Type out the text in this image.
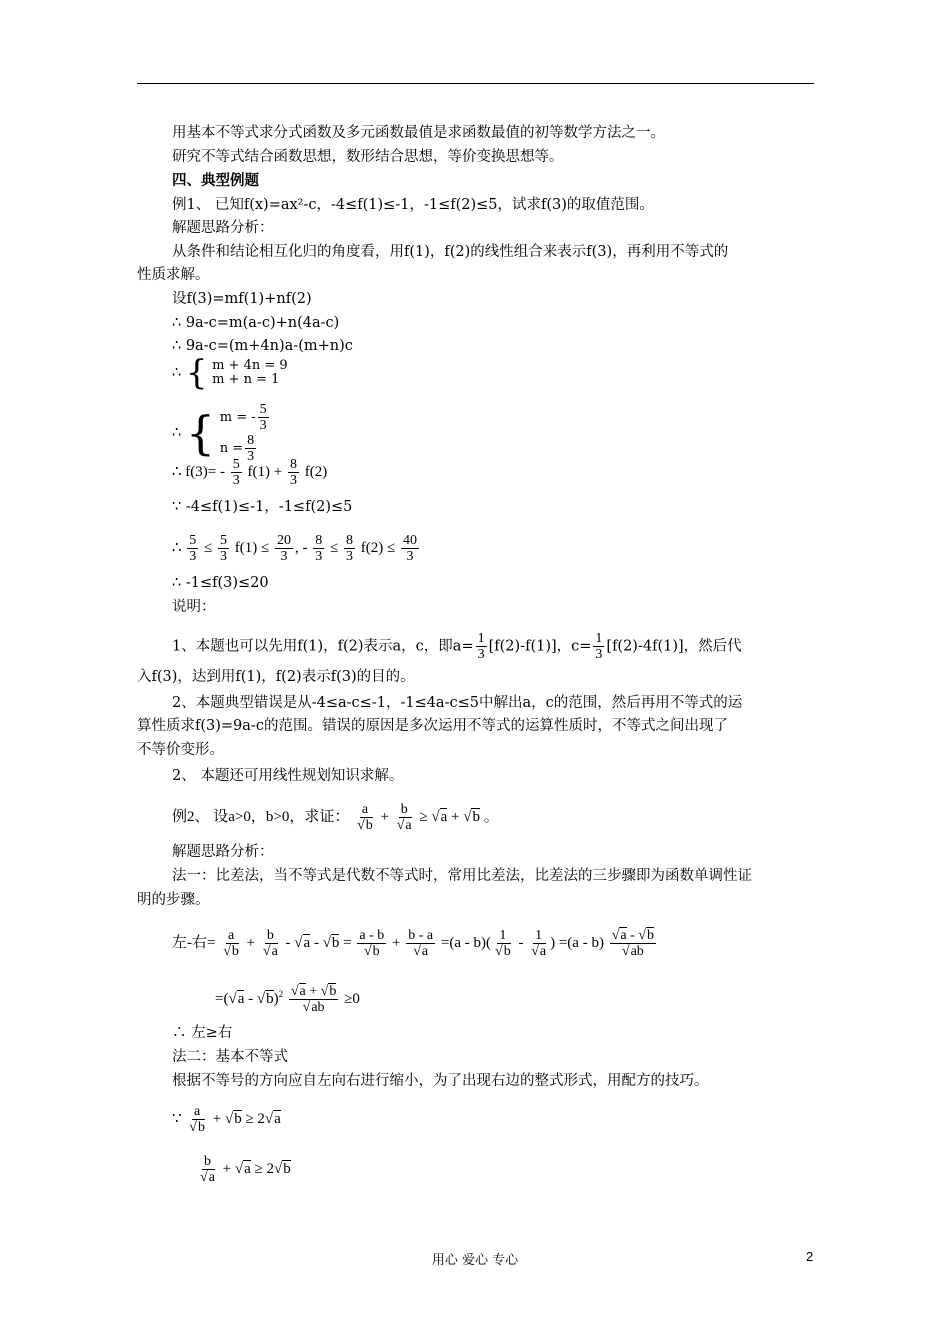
用基本不等式求分式函数及多元函数最值是求函数最值的初等数学方法之一。
研究不等式结合函数思想，数形结合思想，等价变换思想等。
四、典型例题
例1、 已知f(x)=ax²-c，-4≤f(1)≤-1，-1≤f(2)≤5，试求f(3)的取值范围。
解题思路分析：
从条件和结论相互化归的角度看，用f(1)，f(2)的线性组合来表示f(3)，再利用不等式的
性质求解。
设f(3)=mf(1)+nf(2)
∴ 9a-c=m(a-c)+n(4a-c)
∴ 9a-c=(m+4n)a-(m+n)c
∴ { m + 4n = 9
m + n = 1
∴ { m = - $\frac{5}{3}$
$n = \frac{8}{3}$
∴ $f(3)= - \frac{5}{3} f(1) + \frac{8}{3} f(2)$
∵ -4≤f(1)≤-1，-1≤f(2)≤5
∴ $\frac{5}{3} \le \frac{5}{3} f(1) \le \frac{20}{3}$ , - $\frac{8}{3} \le \frac{8}{3} f(2) \le \frac{40}{3}$
∴ -1≤f(3)≤20
说明：
1、本题也可以先用f(1)，f(2)表示a，c，即$a= \frac{1}{3} [f(2)-f(1)]$，$c= \frac{1}{3} [f(2)-4f(1)]$，然后代
入f(3)，达到用f(1)，f(2)表示f(3)的目的。
2、本题典型错误是从-4≤a-c≤-1，-1≤4a-c≤5中解出a，c的范围，然后再用不等式的运
算性质求f(3)=9a-c的范围。错误的原因是多次运用不等式的运算性质时，不等式之间出现了
不等价变形。
2、 本题还可用线性规划知识求解。
例2、 设a>0，b>0，求证： $\frac{a}{√b} + \frac{b}{√a} \ge √a + √b$ 。
解题思路分析：
法一：比差法，当不等式是代数不等式时，常用比差法，比差法的三步骤即为函数单调性证
明的步骤。
左-右= $\frac{a}{√b} + \frac{b}{√a} - √a - √b = \frac{a - b}{√b} + \frac{b - a}{√a} =(a - b)( \frac{1}{√b} - \frac{1}{√a}$ ) $=(a - b) \frac{√a - √b}{√ab}$
$=(√a - √b)^2 \frac{√a + √b}{√ab} \ge 0$
∴ 左≥右
法二：基本不等式
根据不等号的方向应自左向右进行缩小，为了出现右边的整式形式，用配方的技巧。
∵ $\frac{a}{√b} + √b \ge 2√a$
$\frac{b}{√a} + √a \ge 2√b$
用心 爱心 专心	2
